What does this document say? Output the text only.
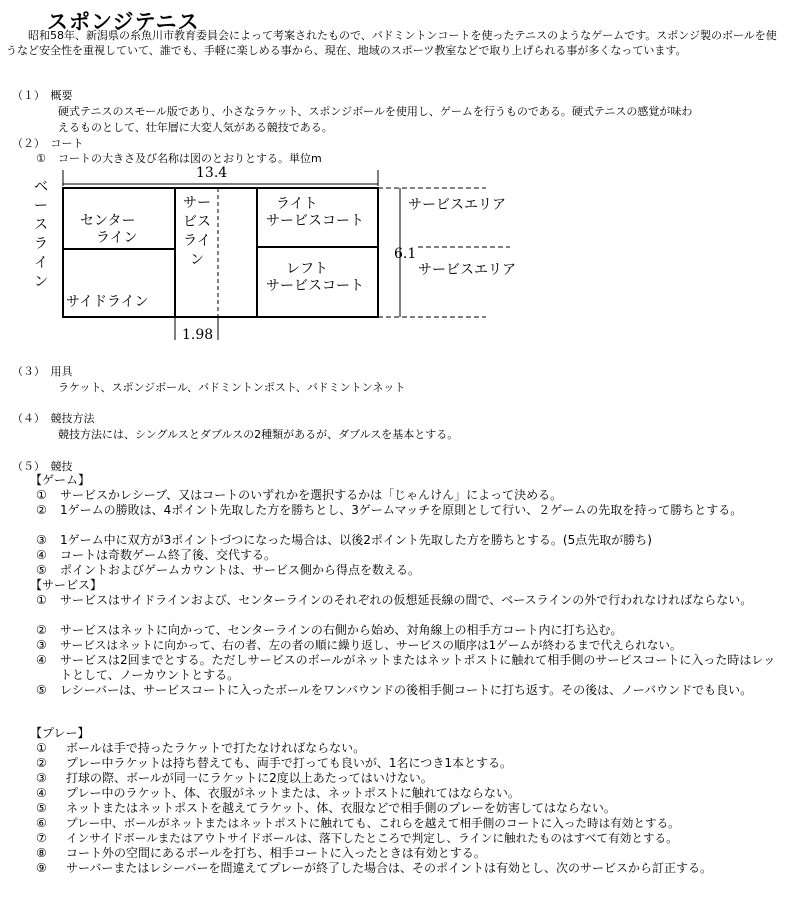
スポンジテニス
昭和58年、新潟県の糸魚川市教育委員会によって考案されたもので、バドミントンコートを使ったテニスのようなゲームです。スポンジ製のボールを使うなど安全性を重視していて、誰でも、手軽に楽しめる事から、現在、地域のスポーツ教室などで取り上げられる事が多くなっています。
（１）　概要
硬式テニスのスモール版であり、小さなラケット、スポンジボールを使用し、ゲームを行うものである。硬式テニスの感覚が味わ
えるものとして、壮年層に大変人気がある競技である。
（２）　コート
① コートの大きさ及び名称は図のとおりとする。単位m
13.4
ベースライン
センター
ライン
サイドライン
サービスライン
ライト
サービスコート
レフト
サービスコート
サービスエリア
6.1
サービスエリア
1.98
（３）　用具
ラケット、スポンジボール、バドミントンポスト、バドミントンネット
（４）　競技方法
競技方法には、シングルスとダブルスの2種類があるが、ダブルスを基本とする。
（５）　競技
【ゲーム】
① サービスかレシーブ、又はコートのいずれかを選択するかは「じゃんけん」によって決める。
② 1ゲームの勝敗は、4ポイント先取した方を勝ちとし、3ゲームマッチを原則として行い、２ゲームの先取を持って勝ちとする。
③ 1ゲーム中に双方が3ポイントづつになった場合は、以後2ポイント先取した方を勝ちとする。(5点先取が勝ち)
④ コートは奇数ゲーム終了後、交代する。
⑤ ポイントおよびゲームカウントは、サービス側から得点を数える。
【サービス】
① サービスはサイドラインおよび、センターラインのそれぞれの仮想延長線の間で、ベースラインの外で行われなければならない。
② サービスはネットに向かって、センターラインの右側から始め、対角線上の相手方コート内に打ち込む。
③ サービスはネットに向かって、右の者、左の者の順に繰り返し、サービスの順序は1ゲームが終わるまで代えられない。
④ サービスは2回までとする。ただしサービスのボールがネットまたはネットポストに触れて相手側のサービスコートに入った時はレットとして、ノーカウントとする。
⑤ レシーバーは、サービスコートに入ったボールをワンバウンドの後相手側コートに打ち返す。その後は、ノーバウンドでも良い。
【プレー】
① ボールは手で持ったラケットで打たなければならない。
② プレー中ラケットは持ち替えても、両手で打っても良いが、1名につき1本とする。
③ 打球の際、ボールが同一にラケットに2度以上あたってはいけない。
④ プレー中のラケット、体、衣服がネットまたは、ネットポストに触れてはならない。
⑤ ネットまたはネットポストを越えてラケット、体、衣服などで相手側のプレーを妨害してはならない。
⑥ プレー中、ボールがネットまたはネットポストに触れても、これらを越えて相手側のコートに入った時は有効とする。
⑦ インサイドボールまたはアウトサイドボールは、落下したところで判定し、ラインに触れたものはすべて有効とする。
⑧ コート外の空間にあるボールを打ち、相手コートに入ったときは有効とする。
⑨ サーバーまたはレシーバーを間違えてプレーが終了した場合は、そのポイントは有効とし、次のサービスから訂正する。
